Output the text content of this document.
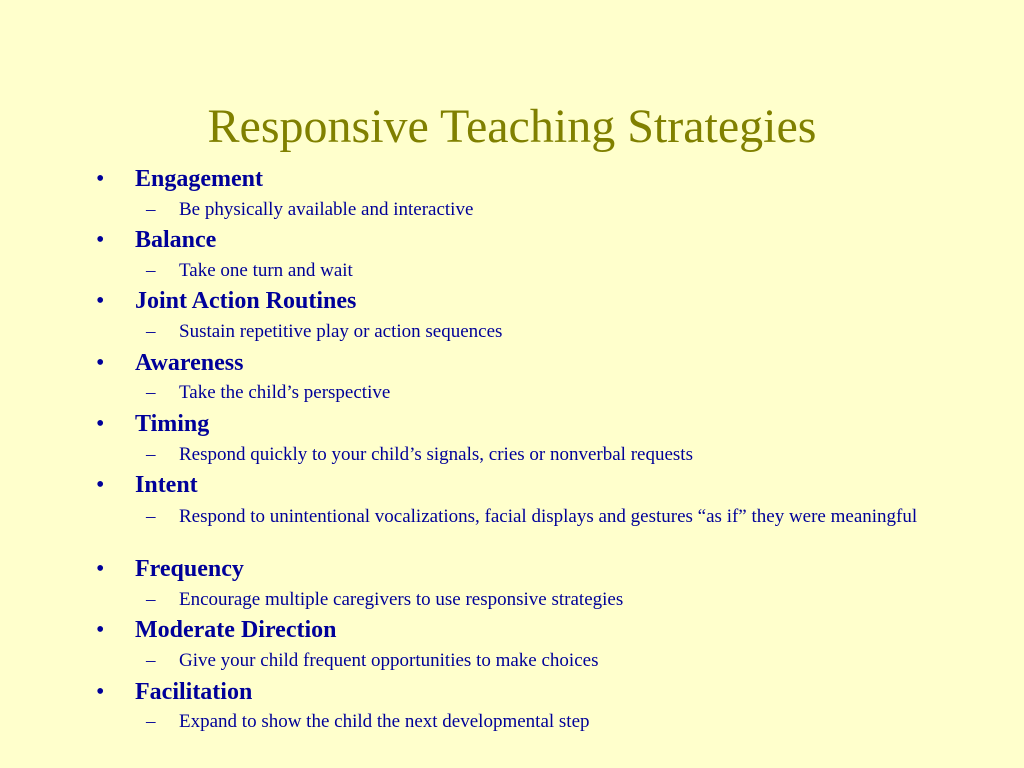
Responsive Teaching Strategies
• Engagement
– Be physically available and interactive
• Balance
– Take one turn and wait
• Joint Action Routines
– Sustain repetitive play or action sequences
• Awareness
– Take the child’s perspective
• Timing
– Respond quickly to your child’s signals, cries or nonverbal requests
• Intent
– Respond to unintentional vocalizations, facial displays and gestures “as if” they were meaningful
• Frequency
– Encourage multiple caregivers to use responsive strategies
• Moderate Direction
– Give your child frequent opportunities to make choices
• Facilitation
– Expand to show the child the next developmental step
